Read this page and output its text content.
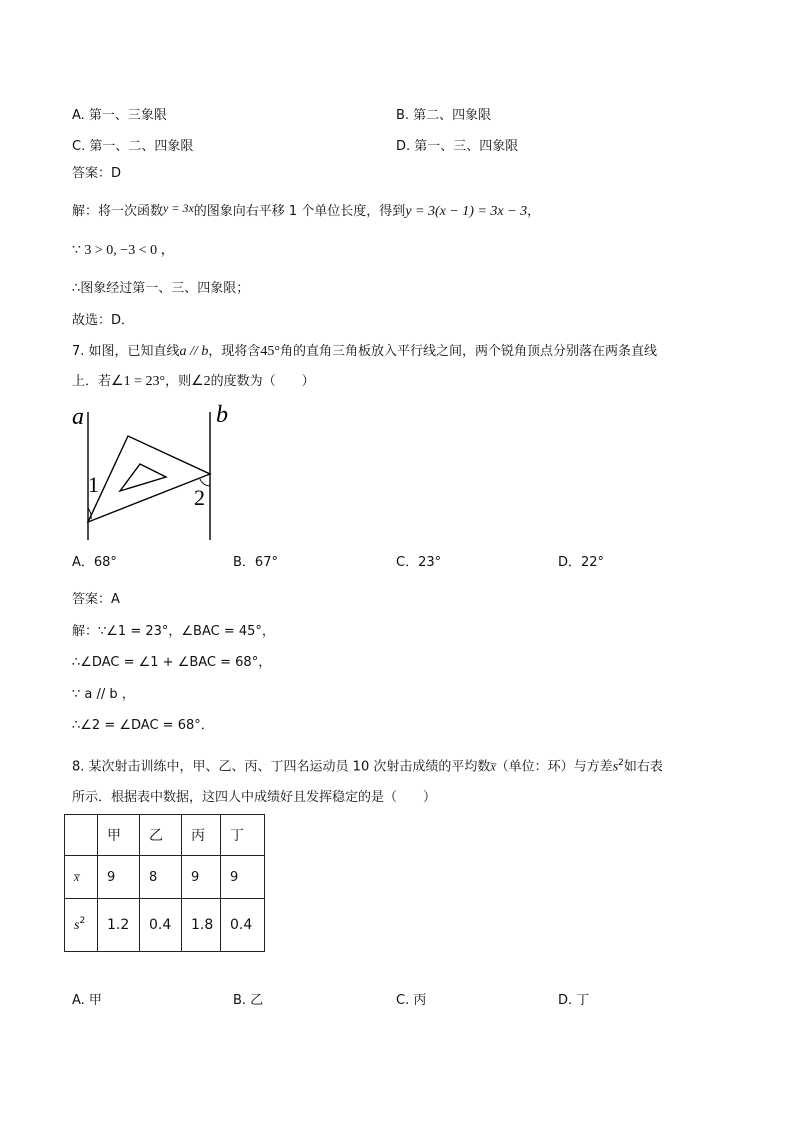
A. 第一、三象限	B. 第二、四象限
C. 第一、二、四象限	D. 第一、三、四象限
答案：D
解：将一次函数y = 3x的图象向右平移 1 个单位长度，得到y = 3(x − 1) = 3x − 3，
∵ 3 > 0, −3 < 0 ，
∴图象经过第一、三、四象限；
故选：D．
7. 如图，已知直线a // b，现将含45°角的直角三角板放入平行线之间，两个锐角顶点分别落在两条直线
上．若∠1 = 23°，则∠2的度数为（　　）
a	b
1
2
A．68°	B．67°	C．23°	D．22°
答案：A
解：∵∠1 = 23°，∠BAC = 45°，
∴∠DAC = ∠1 + ∠BAC = 68°，
∵ a // b ，
∴∠2 = ∠DAC = 68°．
8. 某次射击训练中，甲、乙、丙、丁四名运动员 10 次射击成绩的平均数x̅（单位：环）与方差$s^2$如右表
所示．根据表中数据，这四人中成绩好且发挥稳定的是（　　）
	甲	乙	丙	丁
x̅	9	8	9	9
$s^2$	1.2	0.4	1.8	0.4
A. 甲	B. 乙	C. 丙	D. 丁
